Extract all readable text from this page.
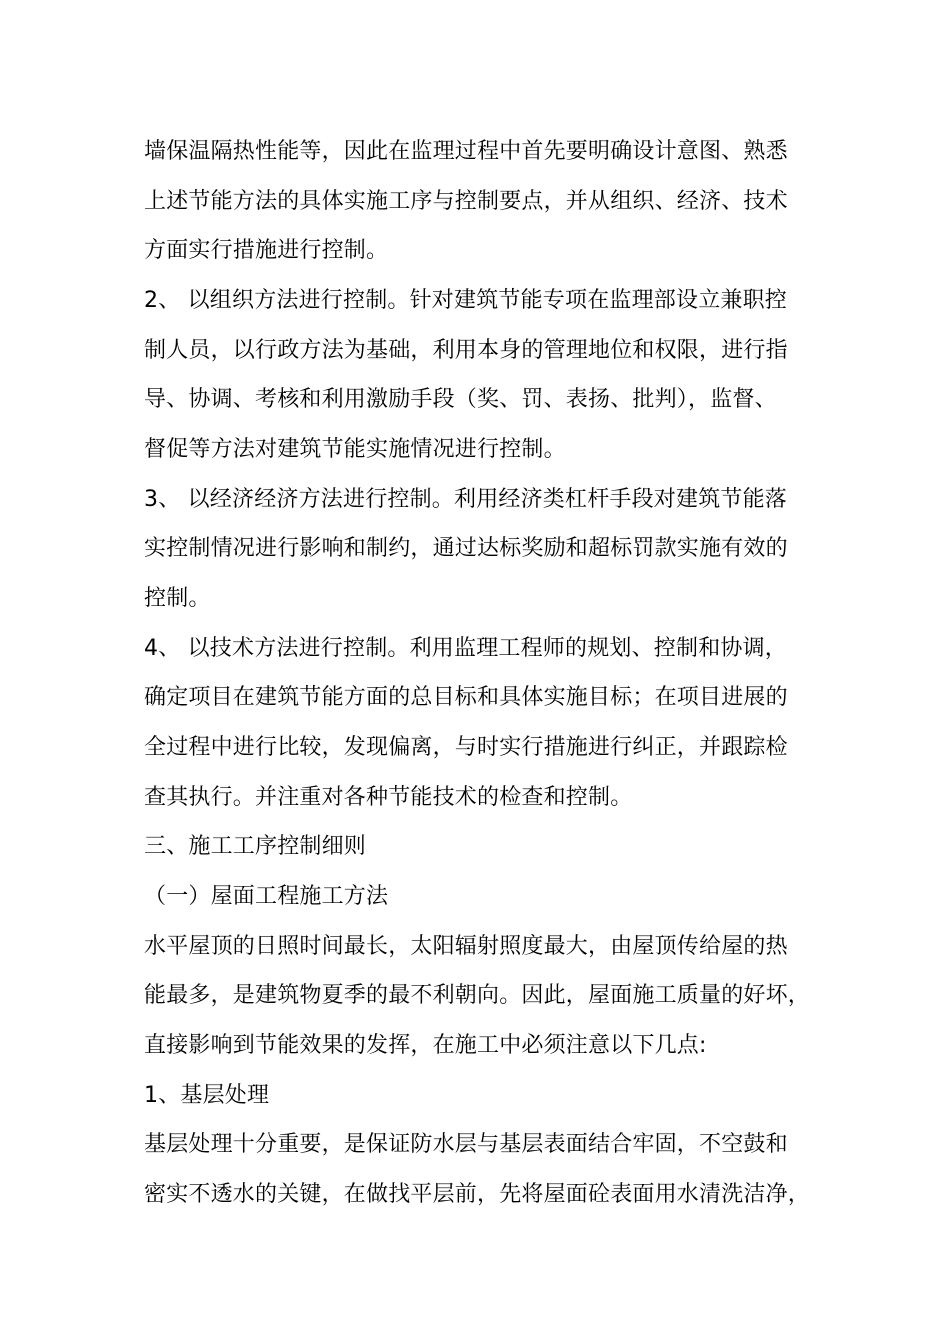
墙保温隔热性能等，因此在监理过程中首先要明确设计意图、熟悉
上述节能方法的具体实施工序与控制要点，并从组织、经济、技术
方面实行措施进行控制。
2、 以组织方法进行控制。针对建筑节能专项在监理部设立兼职控
制人员，以行政方法为基础，利用本身的管理地位和权限，进行指
导、协调、考核和利用激励手段（奖、罚、表扬、批判），监督、
督促等方法对建筑节能实施情况进行控制。
3、 以经济经济方法进行控制。利用经济类杠杆手段对建筑节能落
实控制情况进行影响和制约，通过达标奖励和超标罚款实施有效的
控制。
4、 以技术方法进行控制。利用监理工程师的规划、控制和协调，
确定项目在建筑节能方面的总目标和具体实施目标；在项目进展的
全过程中进行比较，发现偏离，与时实行措施进行纠正，并跟踪检
查其执行。并注重对各种节能技术的检查和控制。
三、施工工序控制细则
（一）屋面工程施工方法
水平屋顶的日照时间最长，太阳辐射照度最大，由屋顶传给屋的热
能最多，是建筑物夏季的最不利朝向。因此，屋面施工质量的好坏，
直接影响到节能效果的发挥，在施工中必须注意以下几点:
1、基层处理
基层处理十分重要，是保证防水层与基层表面结合牢固，不空鼓和
密实不透水的关键，在做找平层前，先将屋面砼表面用水清洗洁净，
